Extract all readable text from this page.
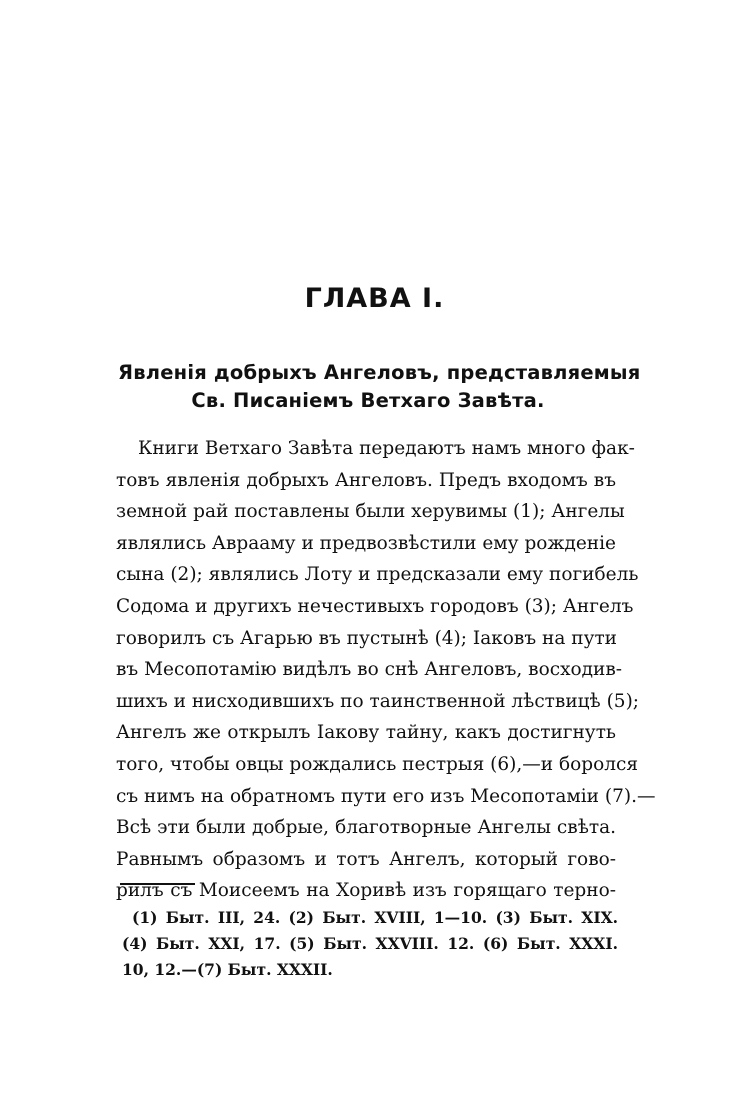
ГЛАВА I.
Явленія добрыхъ Ангеловъ, представляемыя
Св. Писаніемъ Ветхаго Завѣта.
Книги Ветхаго Завѣта передаютъ намъ много фак-
товъ явленія добрыхъ Ангеловъ. Предъ входомъ въ
земной рай поставлены были херувимы (1); Ангелы
являлись Аврааму и предвозвѣстили ему рожденіе
сына (2); являлись Лоту и предсказали ему погибель
Содома и другихъ нечестивыхъ городовъ (3); Ангелъ
говорилъ съ Агарью въ пустынѣ (4); Іаковъ на пути
въ Месопотамію видѣлъ во снѣ Ангеловъ, восходив-
шихъ и нисходившихъ по таинственной лѣствицѣ (5);
Ангелъ же открылъ Іакову тайну, какъ достигнуть
того, чтобы овцы рождались пестрыя (6),—и боролся
съ нимъ на обратномъ пути его изъ Месопотаміи (7).—
Всѣ эти были добрые, благотворные Ангелы свѣта.
Равнымъ образомъ и тотъ Ангелъ, который гово-
рилъ съ Моисеемъ на Хоривѣ изъ горящаго терно-
(1) Быт. III, 24. (2) Быт. XVIII, 1—10. (3) Быт. XIX.
(4) Быт. XXI, 17. (5) Быт. XXVIII. 12. (6) Быт. XXXI.
10, 12.—(7) Быт. XXXII.
